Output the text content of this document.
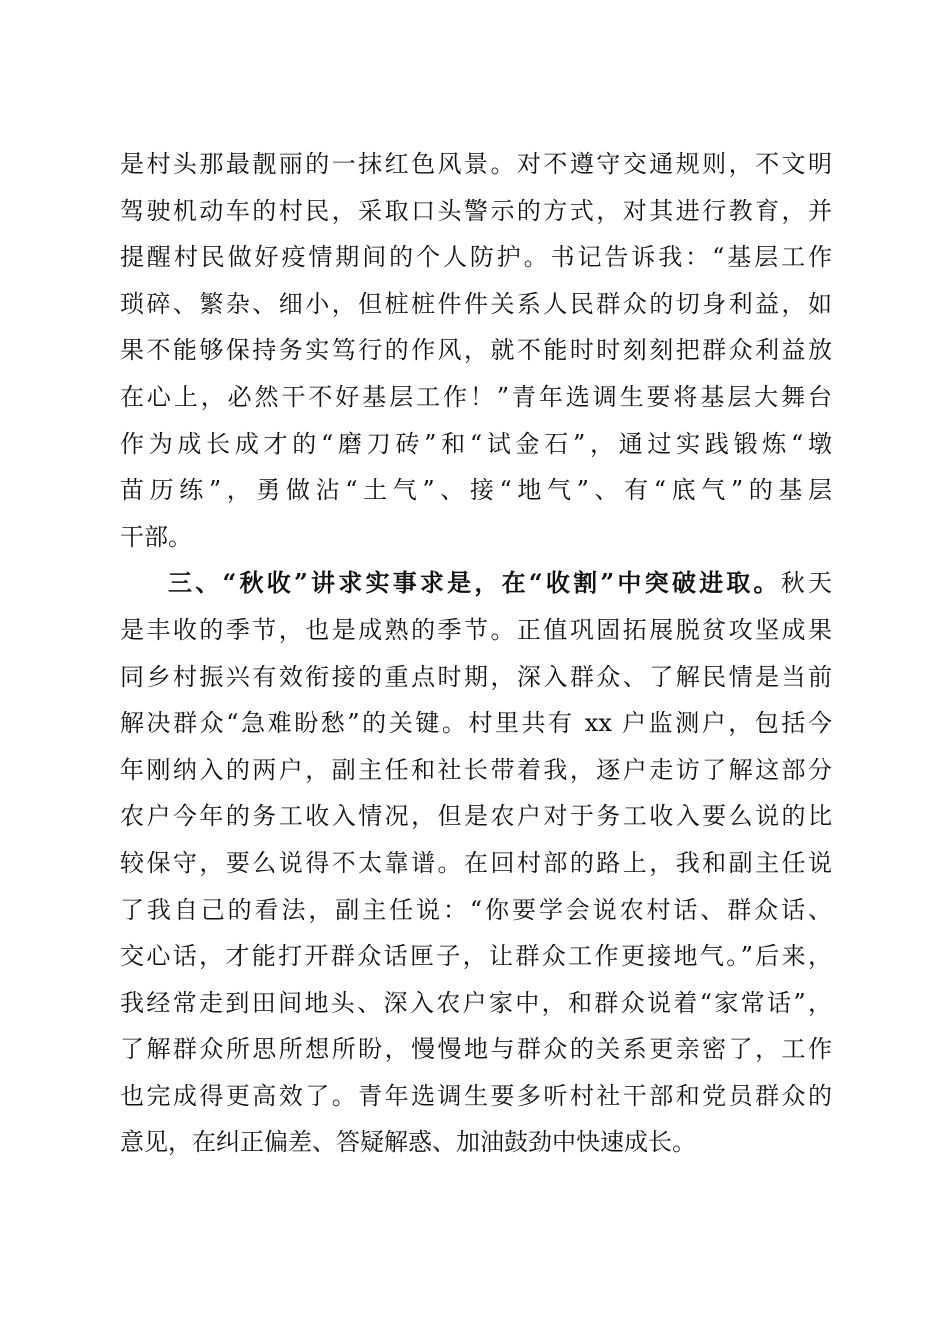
是村头那最靓丽的一抹红色风景。对不遵守交通规则，不文明
驾驶机动车的村民，采取口头警示的方式，对其进行教育，并
提醒村民做好疫情期间的个人防护。书记告诉我：“基层工作
琐碎、繁杂、细小，但桩桩件件关系人民群众的切身利益，如
果不能够保持务实笃行的作风，就不能时时刻刻把群众利益放
在心上，必然干不好基层工作！”青年选调生要将基层大舞台
作为成长成才的“磨刀砖”和“试金石”，通过实践锻炼“墩
苗历练”，勇做沾“土气”、接“地气”、有“底气”的基层
干部。
三、“秋收”讲求实事求是，在“收割”中突破进取。秋天
是丰收的季节，也是成熟的季节。正值巩固拓展脱贫攻坚成果
同乡村振兴有效衔接的重点时期，深入群众、了解民情是当前
解决群众“急难盼愁”的关键。村里共有 xx 户监测户，包括今
年刚纳入的两户，副主任和社长带着我，逐户走访了解这部分
农户今年的务工收入情况，但是农户对于务工收入要么说的比
较保守，要么说得不太靠谱。在回村部的路上，我和副主任说
了我自己的看法，副主任说：“你要学会说农村话、群众话、
交心话，才能打开群众话匣子，让群众工作更接地气。”后来，
我经常走到田间地头、深入农户家中，和群众说着“家常话”，
了解群众所思所想所盼，慢慢地与群众的关系更亲密了，工作
也完成得更高效了。青年选调生要多听村社干部和党员群众的
意见，在纠正偏差、答疑解惑、加油鼓劲中快速成长。
